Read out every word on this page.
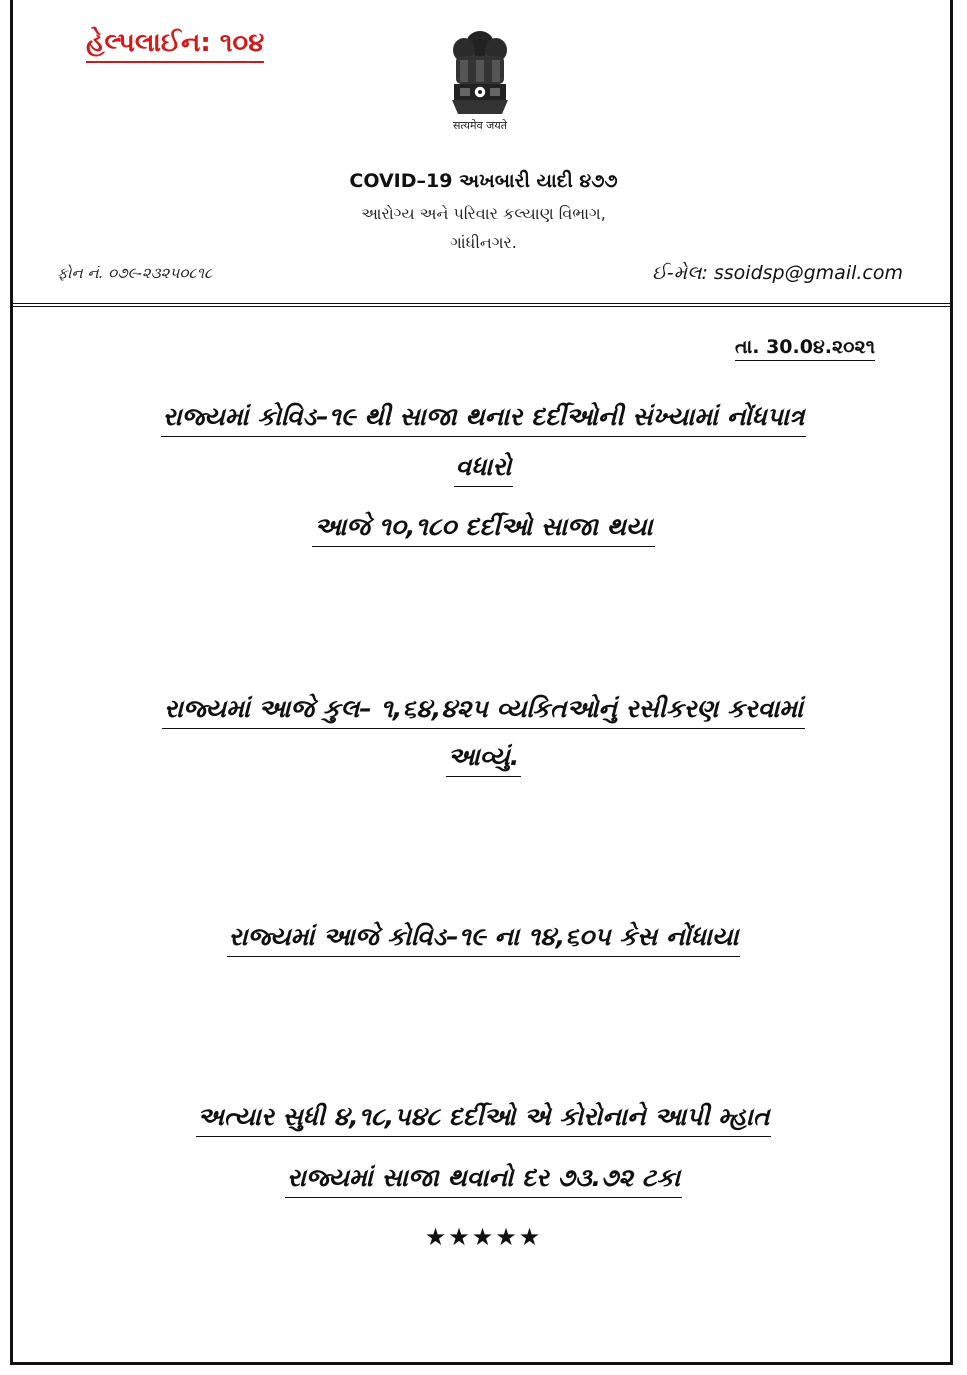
હેલ્પલાઈન: ૧૦૪
सत्यमेव जयते
COVID–19 અખબારી યાદી ૪૭૭
આરોગ્ય અને પરિવાર કલ્યાણ વિભાગ,
ગાંધીનગર.
ફોન નં. ૦૭૯-૨૩૨૫૦૮૧૮	ઈ-મેલ: ssoidsp@gmail.com
તા. 30.0૪.૨૦૨૧
રાજ્યમાં કોવિડ–૧૯ થી સાજા થનાર દર્દીઓની સંખ્યામાં નોંધપાત્ર
વધારો
આજે ૧૦,૧૮૦ દર્દીઓ સાજા થયા
રાજ્યમાં આજે કુલ– ૧,૬૪,૪૨૫ વ્યકિતઓનું રસીકરણ કરવામાં
આવ્યું.
રાજ્યમાં આજે કોવિડ–૧૯ ના ૧૪,૬૦૫ કેસ નોંધાયા
અત્યાર સુધી ૪,૧૮,૫૪૮ દર્દીઓ એ કોરોનાને આપી મ્હાત
રાજ્યમાં સાજા થવાનો દર ૭૩.૭૨ ટકા
★★★★★
